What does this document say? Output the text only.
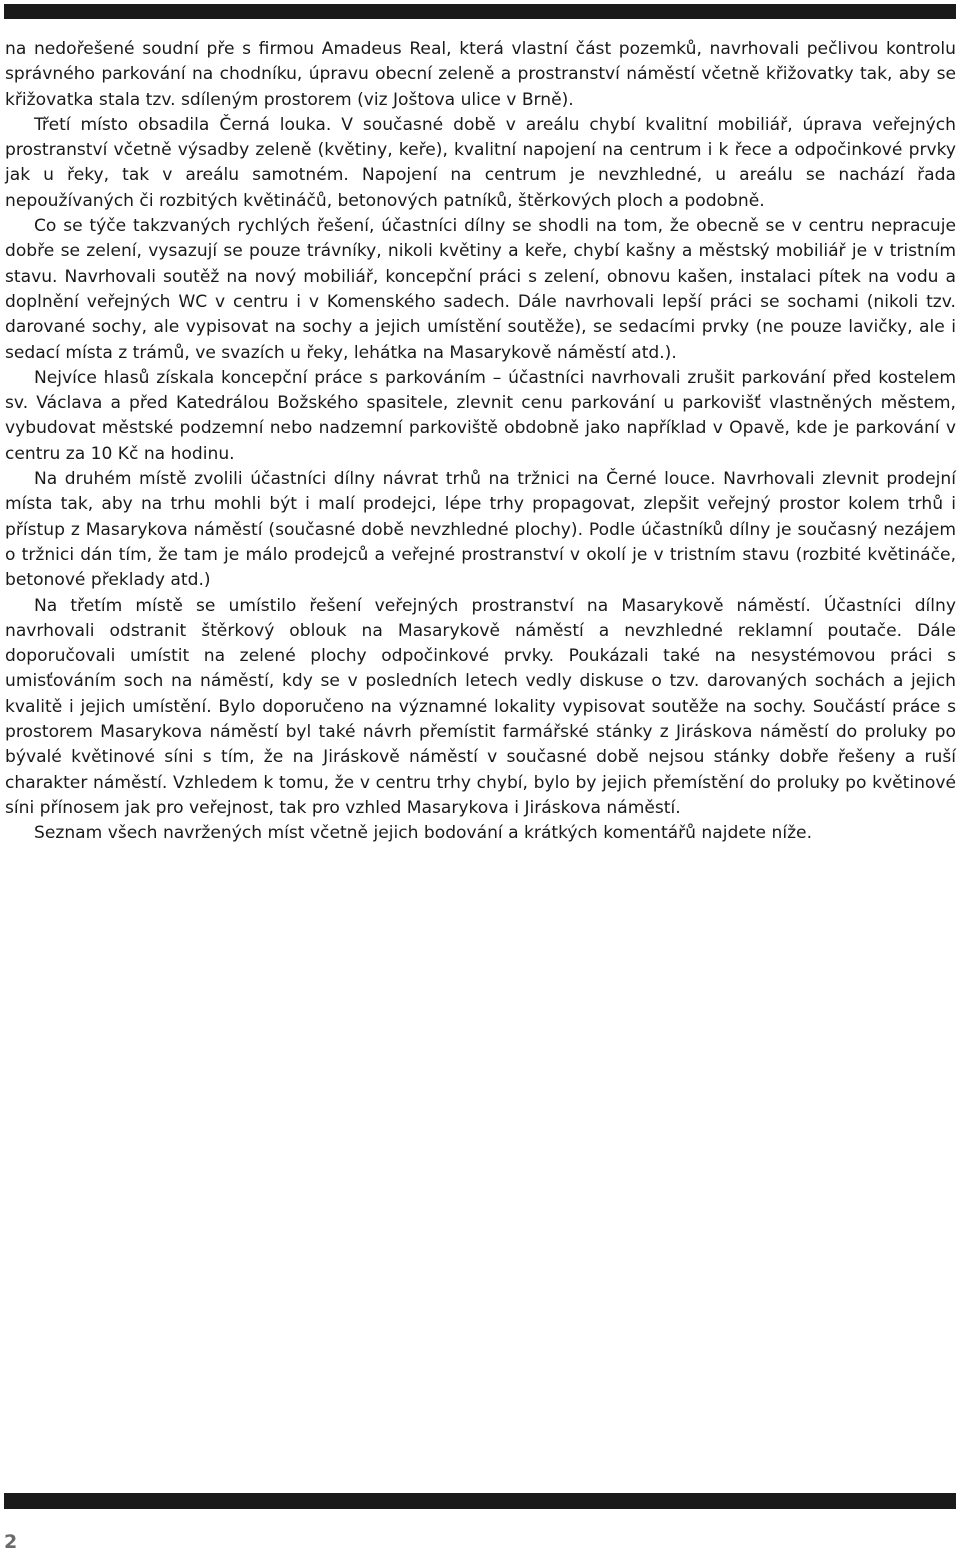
na nedořešené soudní pře s firmou Amadeus Real, která vlastní část pozemků, navrhovali pečlivou kontrolu správného parkování na chodníku, úpravu obecní zeleně a prostranství náměstí včetně křižovatky tak, aby se křižovatka stala tzv. sdíleným prostorem (viz Joštova ulice v Brně).

Třetí místo obsadila Černá louka. V současné době v areálu chybí kvalitní mobiliář, úprava veřejných prostranství včetně výsadby zeleně (květiny, keře), kvalitní napojení na centrum i k řece a odpočinkové prvky jak u řeky, tak v areálu samotném. Napojení na centrum je nevzhledné, u areálu se nachází řada nepoužívaných či rozbitých květináčů, betonových patníků, štěrkových ploch a podobně.

Co se týče takzvaných rychlých řešení, účastníci dílny se shodli na tom, že obecně se v centru nepracuje dobře se zelení, vysazují se pouze trávníky, nikoli květiny a keře, chybí kašny a městský mobiliář je v tristním stavu. Navrhovali soutěž na nový mobiliář, koncepční práci s zelení, obnovu kašen, instalaci pítek na vodu a doplnění veřejných WC v centru i v Komenského sadech. Dále navrhovali lepší práci se sochami (nikoli tzv. darované sochy, ale vypisovat na sochy a jejich umístění soutěže), se sedacími prvky (ne pouze lavičky, ale i sedací místa z trámů, ve svazích u řeky, lehátka na Masarykově náměstí atd.).

Nejvíce hlasů získala koncepční práce s parkováním – účastníci navrhovali zrušit parkování před kostelem sv. Václava a před Katedrálou Božského spasitele, zlevnit cenu parkování u parkovišť vlastněných městem, vybudovat městské podzemní nebo nadzemní parkoviště obdobně jako například v Opavě, kde je parkování v centru za 10 Kč na hodinu.

Na druhém místě zvolili účastníci dílny návrat trhů na tržnici na Černé louce. Navrhovali zlevnit prodejní místa tak, aby na trhu mohli být i malí prodejci, lépe trhy propagovat, zlepšit veřejný prostor kolem trhů i přístup z Masarykova náměstí (současné době nevzhledné plochy). Podle účastníků dílny je současný nezájem o tržnici dán tím, že tam je málo prodejců a veřejné prostranství v okolí je v tristním stavu (rozbité květináče, betonové překlady atd.)

Na třetím místě se umístilo řešení veřejných prostranství na Masarykově náměstí. Účastníci dílny navrhovali odstranit štěrkový oblouk na Masarykově náměstí a nevzhledné reklamní poutače. Dále doporučovali umístit na zelené plochy odpočinkové prvky. Poukázali také na nesystémovou práci s umisťováním soch na náměstí, kdy se v posledních letech vedly diskuse o tzv. darovaných sochách a jejich kvalitě i jejich umístění. Bylo doporučeno na významné lokality vypisovat soutěže na sochy. Součástí práce s prostorem Masarykova náměstí byl také návrh přemístit farmářské stánky z Jiráskova náměstí do proluky po bývalé květinové síni s tím, že na Jiráskově náměstí v současné době nejsou stánky dobře řešeny a ruší charakter náměstí. Vzhledem k tomu, že v centru trhy chybí, bylo by jejich přemístění do proluky po květinové síni přínosem jak pro veřejnost, tak pro vzhled Masarykova i Jiráskova náměstí.

Seznam všech navržených míst včetně jejich bodování a krátkých komentářů najdete níže.

2
